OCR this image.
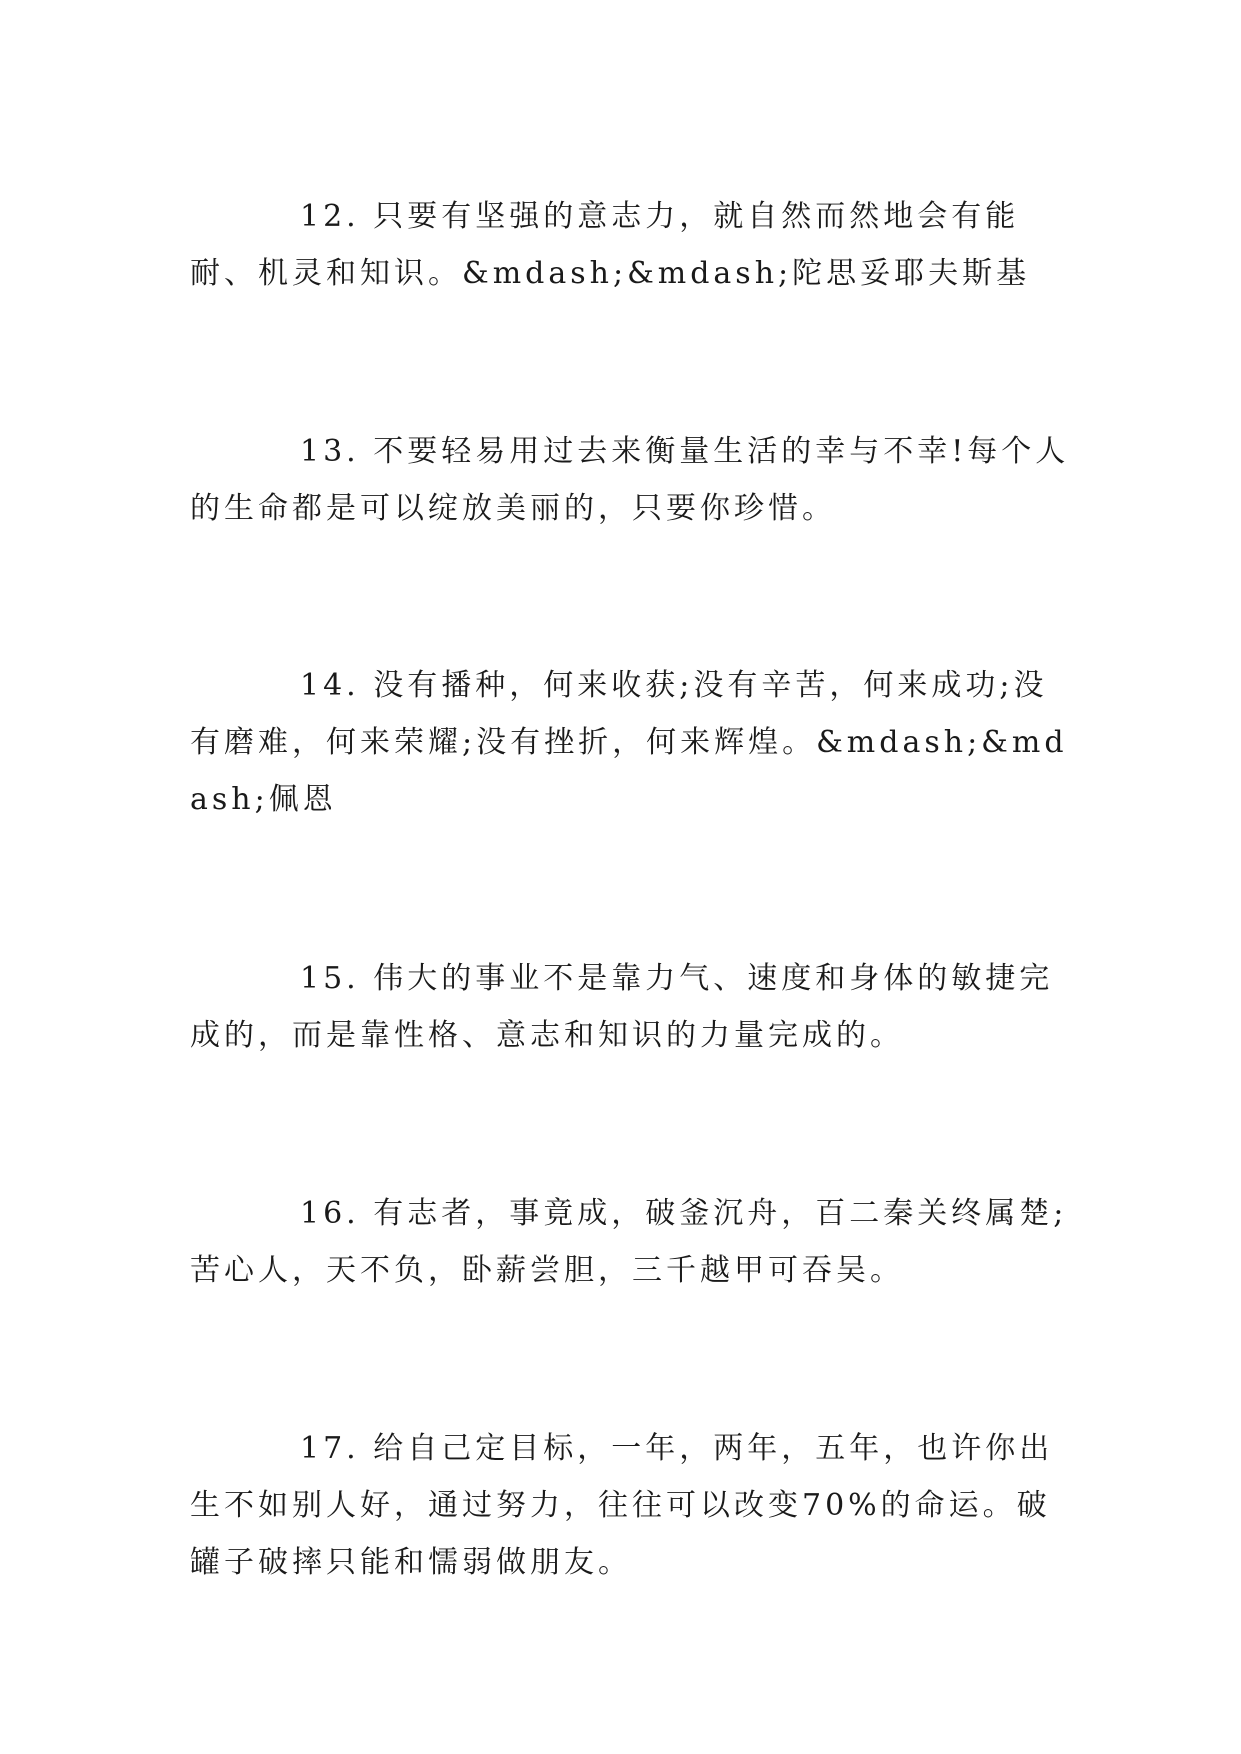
12. 只要有坚强的意志力，就自然而然地会有能耐、机灵和知识。&mdash;&mdash;陀思妥耶夫斯基

13. 不要轻易用过去来衡量生活的幸与不幸!每个人的生命都是可以绽放美丽的，只要你珍惜。

14. 没有播种，何来收获;没有辛苦，何来成功;没有磨难，何来荣耀;没有挫折，何来辉煌。&mdash;&mdash;佩恩

15. 伟大的事业不是靠力气、速度和身体的敏捷完成的，而是靠性格、意志和知识的力量完成的。

16. 有志者，事竟成，破釜沉舟，百二秦关终属楚;苦心人，天不负，卧薪尝胆，三千越甲可吞吴。

17. 给自己定目标，一年，两年，五年，也许你出生不如别人好，通过努力，往往可以改变70%的命运。破罐子破摔只能和懦弱做朋友。
